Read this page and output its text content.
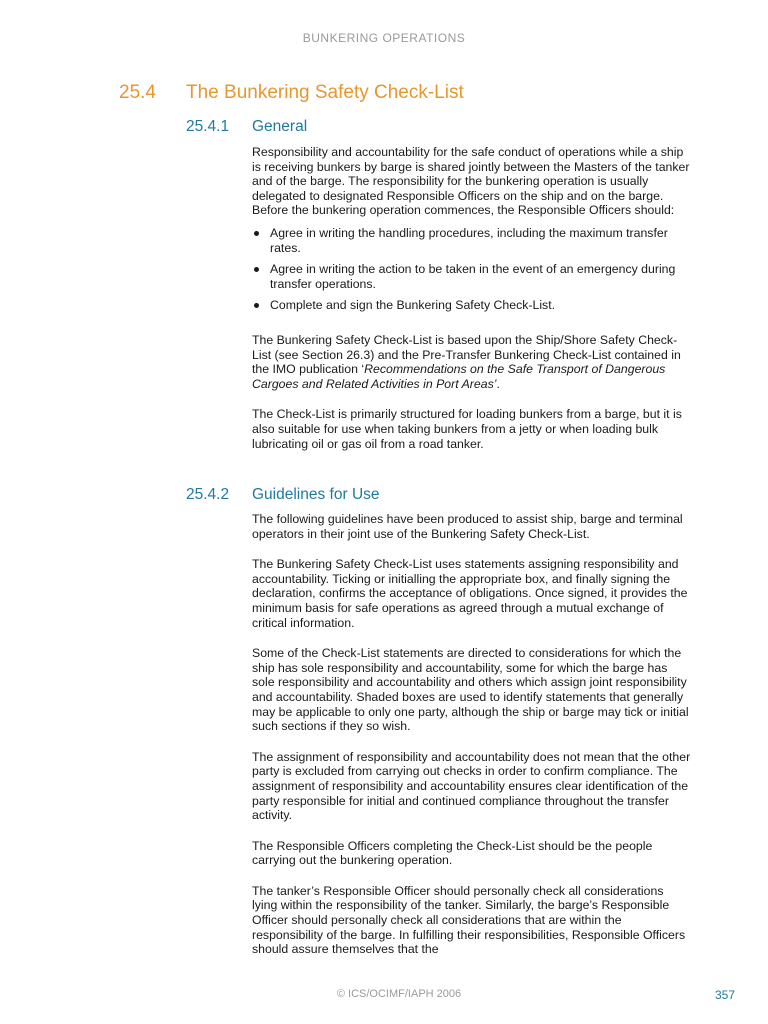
BUNKERING OPERATIONS
25.4 The Bunkering Safety Check-List
25.4.1 General

Responsibility and accountability for the safe conduct of operations while a ship is receiving bunkers by barge is shared jointly between the Masters of the tanker and of the barge. The responsibility for the bunkering operation is usually delegated to designated Responsible Officers on the ship and on the barge. Before the bunkering operation commences, the Responsible Officers should:

Agree in writing the handling procedures, including the maximum transfer rates.
Agree in writing the action to be taken in the event of an emergency during transfer operations.
Complete and sign the Bunkering Safety Check-List.

The Bunkering Safety Check-List is based upon the Ship/Shore Safety Check-List (see Section 26.3) and the Pre-Transfer Bunkering Check-List contained in the IMO publication ‘Recommendations on the Safe Transport of Dangerous Cargoes and Related Activities in Port Areas’.

The Check-List is primarily structured for loading bunkers from a barge, but it is also suitable for use when taking bunkers from a jetty or when loading bulk lubricating oil or gas oil from a road tanker.

25.4.2 Guidelines for Use

The following guidelines have been produced to assist ship, barge and terminal operators in their joint use of the Bunkering Safety Check-List.

The Bunkering Safety Check-List uses statements assigning responsibility and accountability. Ticking or initialling the appropriate box, and finally signing the declaration, confirms the acceptance of obligations. Once signed, it provides the minimum basis for safe operations as agreed through a mutual exchange of critical information.

Some of the Check-List statements are directed to considerations for which the ship has sole responsibility and accountability, some for which the barge has sole responsibility and accountability and others which assign joint responsibility and accountability. Shaded boxes are used to identify statements that generally may be applicable to only one party, although the ship or barge may tick or initial such sections if they so wish.

The assignment of responsibility and accountability does not mean that the other party is excluded from carrying out checks in order to confirm compliance. The assignment of responsibility and accountability ensures clear identification of the party responsible for initial and continued compliance throughout the transfer activity.

The Responsible Officers completing the Check-List should be the people carrying out the bunkering operation.

The tanker’s Responsible Officer should personally check all considerations lying within the responsibility of the tanker. Similarly, the barge’s Responsible Officer should personally check all considerations that are within the responsibility of the barge. In fulfilling their responsibilities, Responsible Officers should assure themselves that the

© ICS/OCIMF/IAPH 2006	357
